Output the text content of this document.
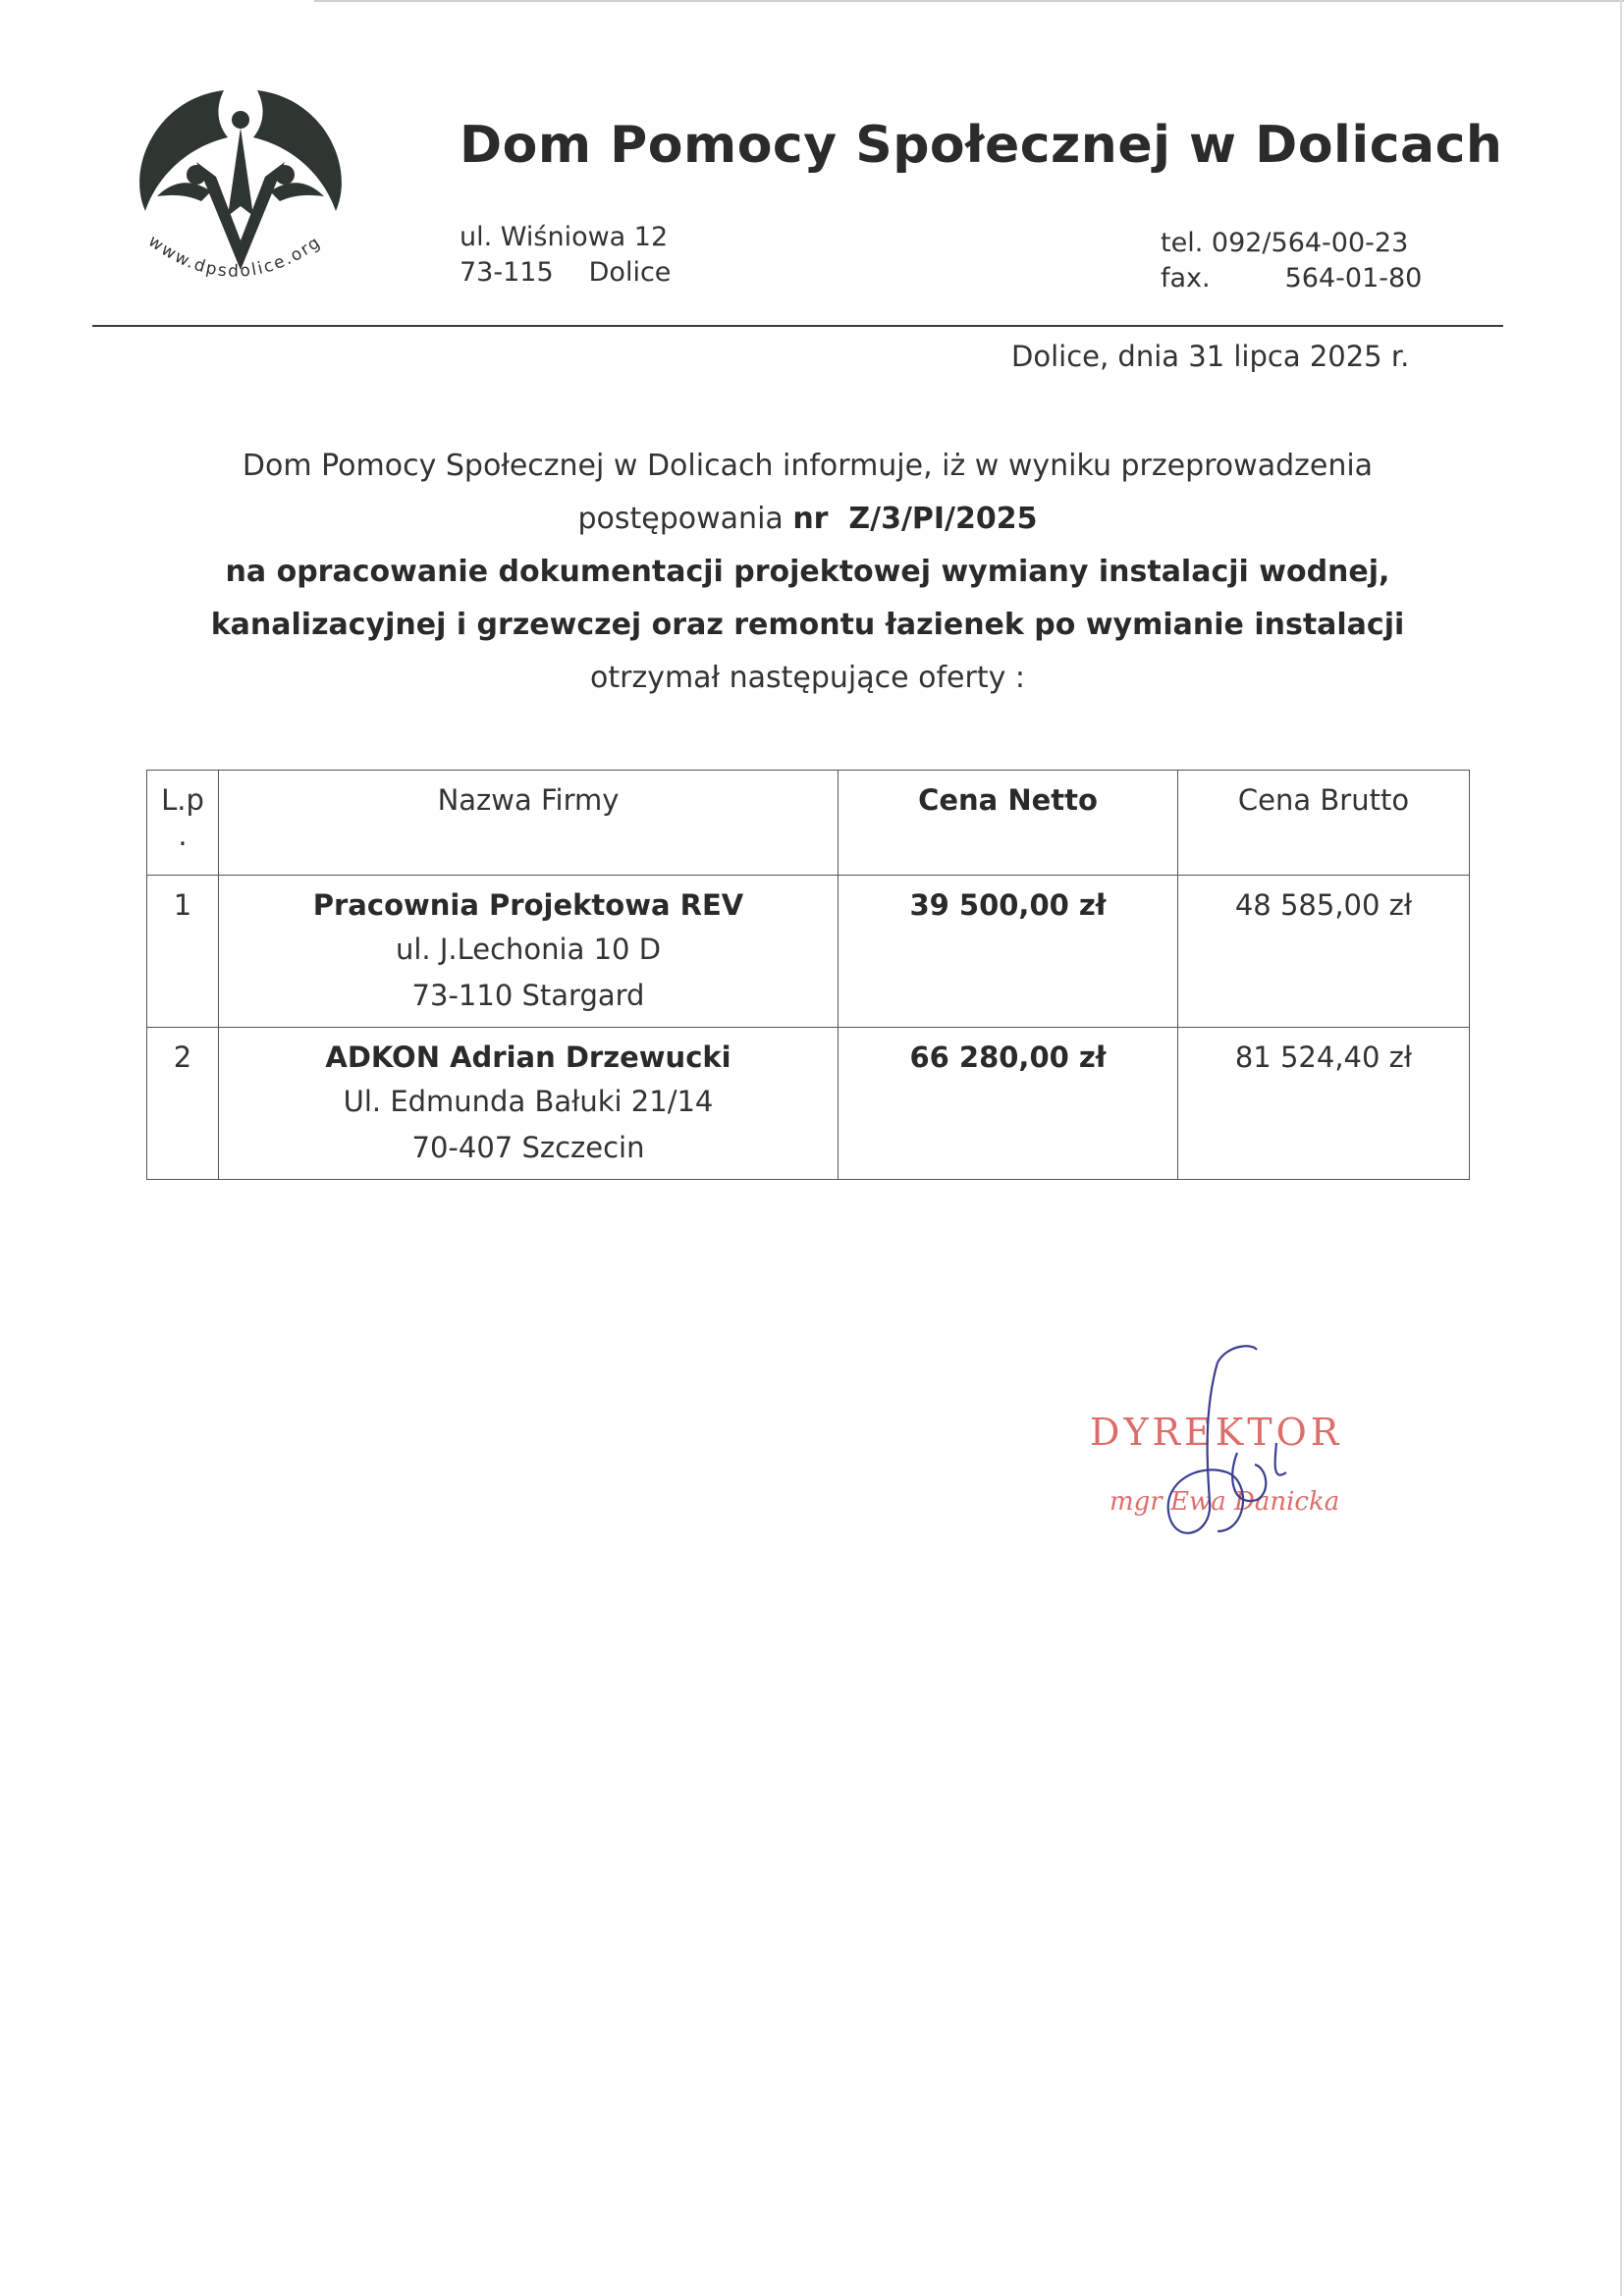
www.dpsdolice.org
Dom Pomocy Społecznej w Dolicach
ul. Wiśniowa 12
73-115 Dolice
tel. 092/564-00-23
fax.	564-01-80
Dolice, dnia 31 lipca 2025 r.
Dom Pomocy Społecznej w Dolicach informuje, iż w wyniku przeprowadzenia
postępowania nr  Z/3/PI/2025
na opracowanie dokumentacji projektowej wymiany instalacji wodnej,
kanalizacyjnej i grzewczej oraz remontu łazienek po wymianie instalacji
otrzymał następujące oferty :
L.p
.	Nazwa Firmy	Cena Netto	Cena Brutto
1	Pracownia Projektowa REV
ul. J.Lechonia 10 D
73-110 Stargard	39 500,00 zł	48 585,00 zł
2	ADKON Adrian Drzewucki
Ul. Edmunda Bałuki 21/14
70-407 Szczecin	66 280,00 zł	81 524,40 zł
DYREKTOR
mgr Ewa Danicka
